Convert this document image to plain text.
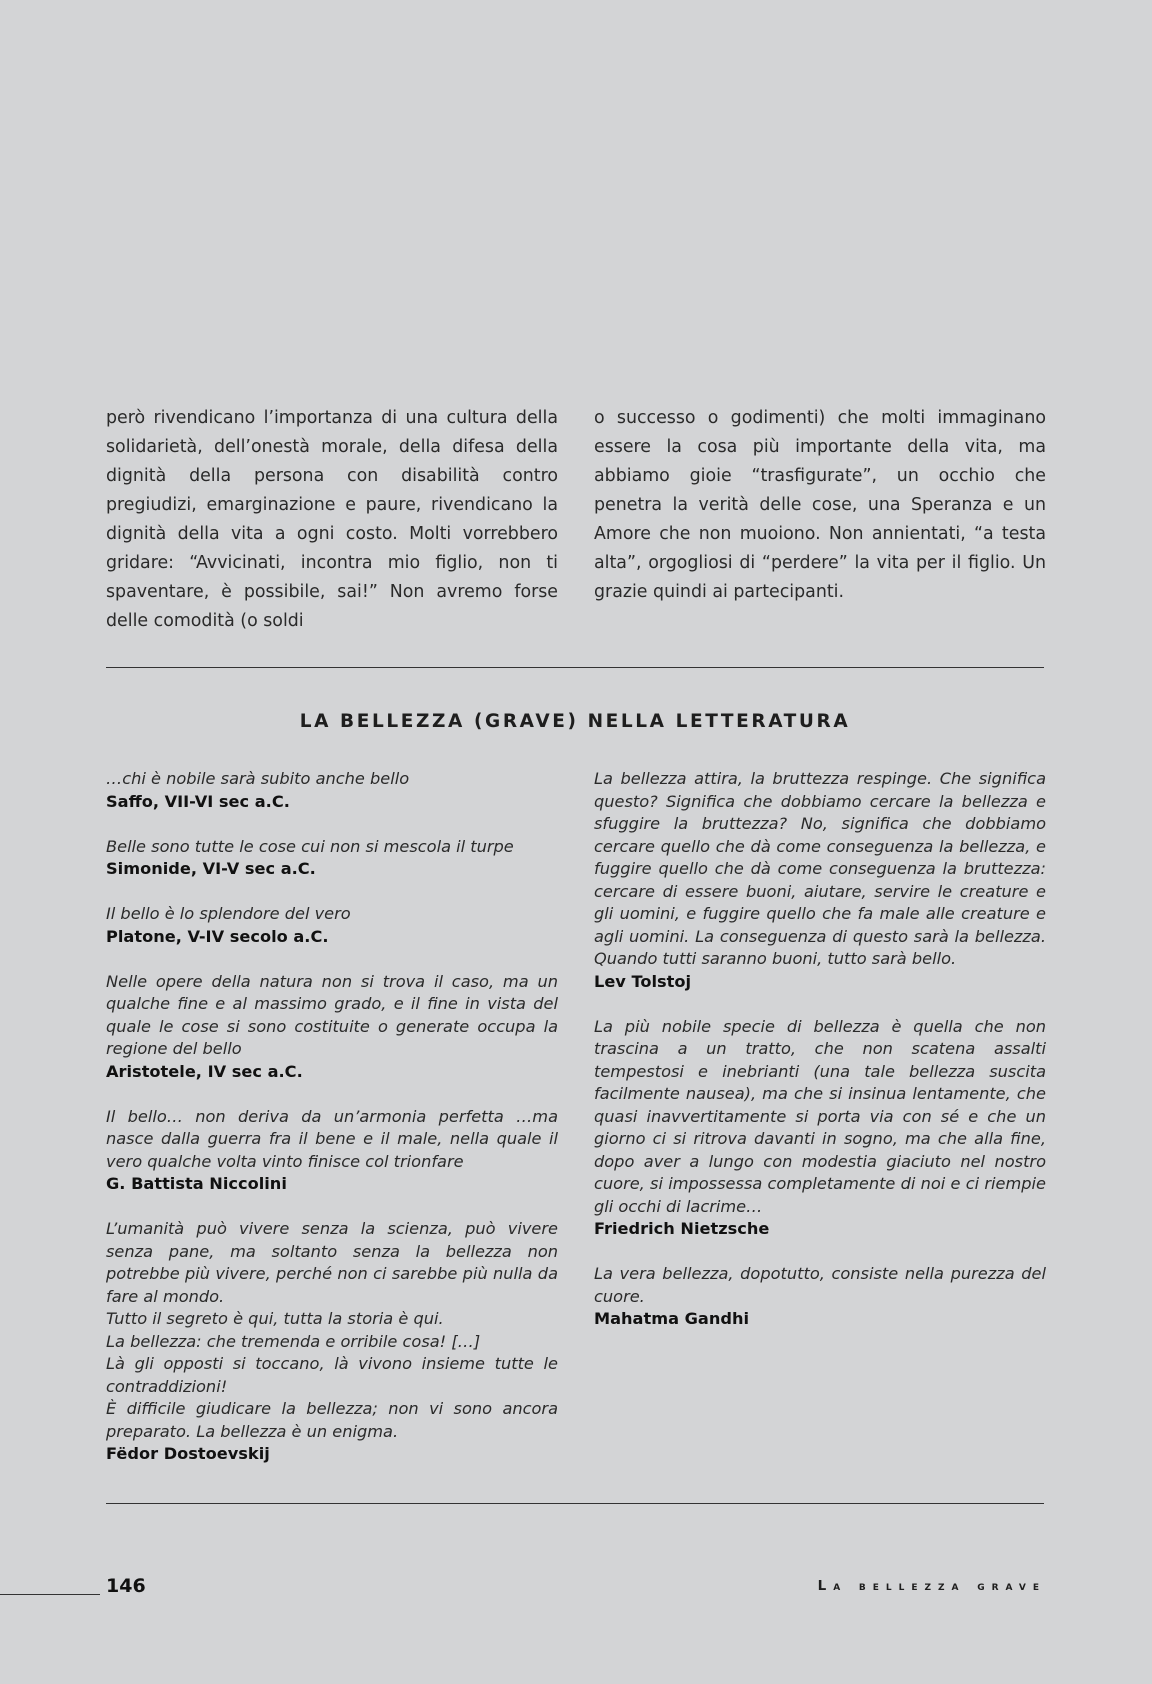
però rivendicano l’importanza di una cultura della solidarietà, dell’onestà morale, della difesa della dignità della persona con disabilità contro pregiudizi, emarginazione e paure, rivendicano la dignità della vita a ogni costo. Molti vorrebbero gridare: “Avvicinati, incontra mio figlio, non ti spaventare, è possibile, sai!” Non avremo forse delle comodità (o soldi

o successo o godimenti) che molti immaginano essere la cosa più importante della vita, ma abbiamo gioie “trasfigurate”, un occhio che penetra la verità delle cose, una Speranza e un Amore che non muoiono. Non annientati, “a testa alta”, orgogliosi di “perdere” la vita per il figlio. Un grazie quindi ai partecipanti.

LA BELLEZZA (GRAVE) NELLA LETTERATURA

…chi è nobile sarà subito anche bello

Saffo, VII-VI sec a.C.

Belle sono tutte le cose cui non si mescola il turpe

Simonide, VI-V sec a.C.

Il bello è lo splendore del vero

Platone, V-IV secolo a.C.

Nelle opere della natura non si trova il caso, ma un qualche fine e al massimo grado, e il fine in vista del quale le cose si sono costituite o generate occupa la regione del bello

Aristotele, IV sec a.C.

Il bello… non deriva da un’armonia perfetta …ma nasce dalla guerra fra il bene e il male, nella quale il vero qualche volta vinto finisce col trionfare

G. Battista Niccolini

L’umanità può vivere senza la scienza, può vivere senza pane, ma soltanto senza la bellezza non potrebbe più vivere, perché non ci sarebbe più nulla da fare al mondo.
Tutto il segreto è qui, tutta la storia è qui.
La bellezza: che tremenda e orribile cosa! […]
Là gli opposti si toccano, là vivono insieme tutte le contraddizioni!
È difficile giudicare la bellezza; non vi sono ancora preparato. La bellezza è un enigma.

Fëdor Dostoevskij

La bellezza attira, la bruttezza respinge. Che significa questo? Significa che dobbiamo cercare la bellezza e sfuggire la bruttezza? No, significa che dobbiamo cercare quello che dà come conseguenza la bellezza, e fuggire quello che dà come conseguenza la bruttezza: cercare di essere buoni, aiutare, servire le creature e gli uomini, e fuggire quello che fa male alle creature e agli uomini. La conseguenza di questo sarà la bellezza. Quando tutti saranno buoni, tutto sarà bello.

Lev Tolstoj

La più nobile specie di bellezza è quella che non trascina a un tratto, che non scatena assalti tempestosi e inebrianti (una tale bellezza suscita facilmente nausea), ma che si insinua lentamente, che quasi inavvertitamente si porta via con sé e che un giorno ci si ritrova davanti in sogno, ma che alla fine, dopo aver a lungo con modestia giaciuto nel nostro cuore, si impossessa completamente di noi e ci riempie gli occhi di lacrime…

Friedrich Nietzsche

La vera bellezza, dopotutto, consiste nella purezza del cuore.

Mahatma Gandhi

146	La bellezza grave
